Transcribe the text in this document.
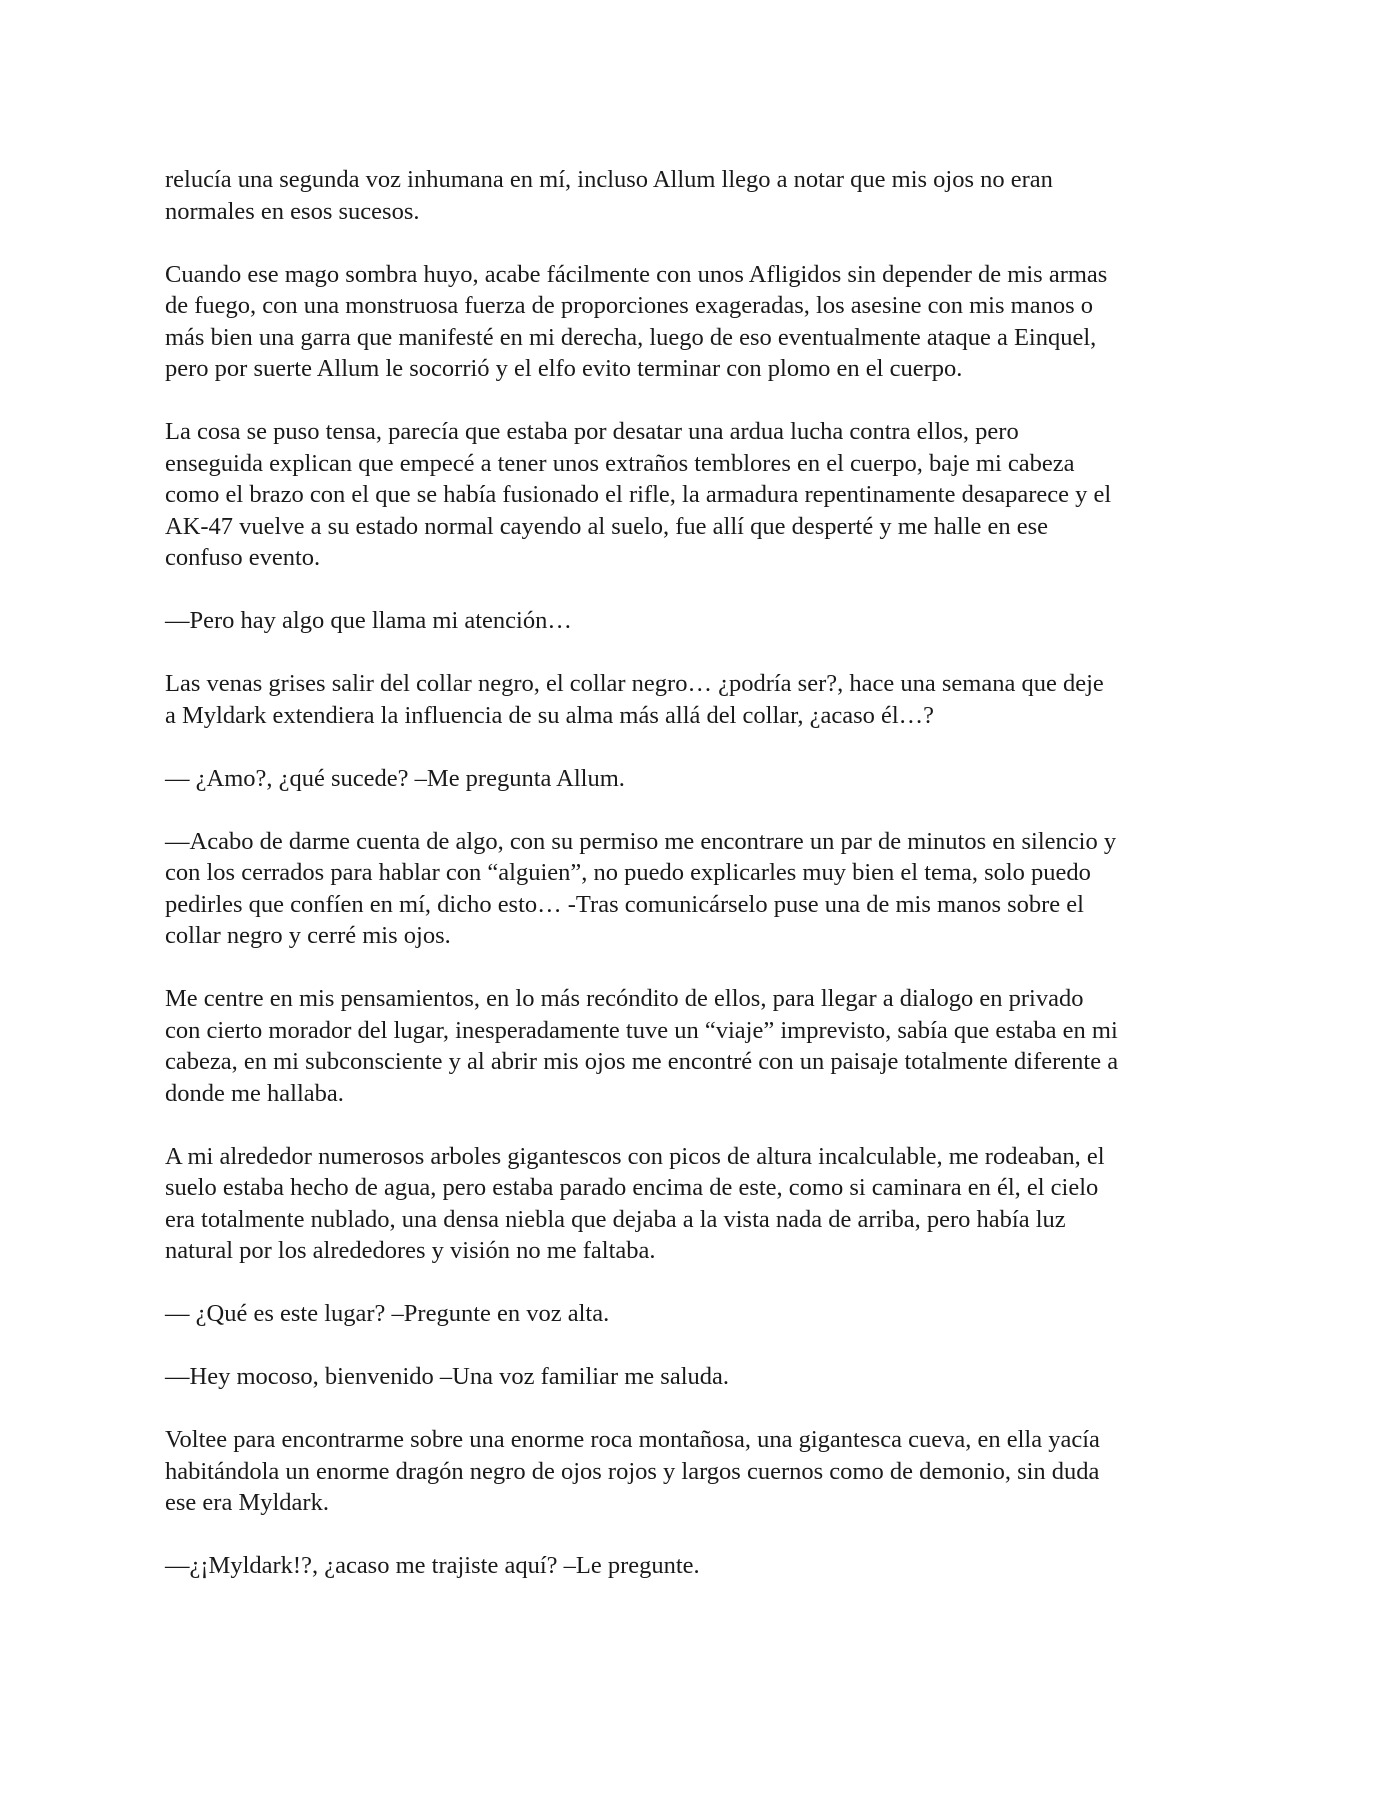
relucía una segunda voz inhumana en mí, incluso Allum llego a notar que mis ojos no eran
normales en esos sucesos.

Cuando ese mago sombra huyo, acabe fácilmente con unos Afligidos sin depender de mis armas
de fuego, con una monstruosa fuerza de proporciones exageradas, los asesine con mis manos o
más bien una garra que manifesté en mi derecha, luego de eso eventualmente ataque a Einquel,
pero por suerte Allum le socorrió y el elfo evito terminar con plomo en el cuerpo.

La cosa se puso tensa, parecía que estaba por desatar una ardua lucha contra ellos, pero
enseguida explican que empecé a tener unos extraños temblores en el cuerpo, baje mi cabeza
como el brazo con el que se había fusionado el rifle, la armadura repentinamente desaparece y el
AK-47 vuelve a su estado normal cayendo al suelo, fue allí que desperté y me halle en ese
confuso evento.

—Pero hay algo que llama mi atención…

Las venas grises salir del collar negro, el collar negro… ¿podría ser?, hace una semana que deje
a Myldark extendiera la influencia de su alma más allá del collar, ¿acaso él…?

— ¿Amo?, ¿qué sucede? –Me pregunta Allum.

—Acabo de darme cuenta de algo, con su permiso me encontrare un par de minutos en silencio y
con los cerrados para hablar con “alguien”, no puedo explicarles muy bien el tema, solo puedo
pedirles que confíen en mí, dicho esto… -Tras comunicárselo puse una de mis manos sobre el
collar negro y cerré mis ojos.

Me centre en mis pensamientos, en lo más recóndito de ellos, para llegar a dialogo en privado
con cierto morador del lugar, inesperadamente tuve un “viaje” imprevisto, sabía que estaba en mi
cabeza, en mi subconsciente y al abrir mis ojos me encontré con un paisaje totalmente diferente a
donde me hallaba.

A mi alrededor numerosos arboles gigantescos con picos de altura incalculable, me rodeaban, el
suelo estaba hecho de agua, pero estaba parado encima de este, como si caminara en él, el cielo
era totalmente nublado, una densa niebla que dejaba a la vista nada de arriba, pero había luz
natural por los alrededores y visión no me faltaba.

— ¿Qué es este lugar? –Pregunte en voz alta.

—Hey mocoso, bienvenido –Una voz familiar me saluda.

Voltee para encontrarme sobre una enorme roca montañosa, una gigantesca cueva, en ella yacía
habitándola un enorme dragón negro de ojos rojos y largos cuernos como de demonio, sin duda
ese era Myldark.

—¿¡Myldark!?, ¿acaso me trajiste aquí? –Le pregunte.
